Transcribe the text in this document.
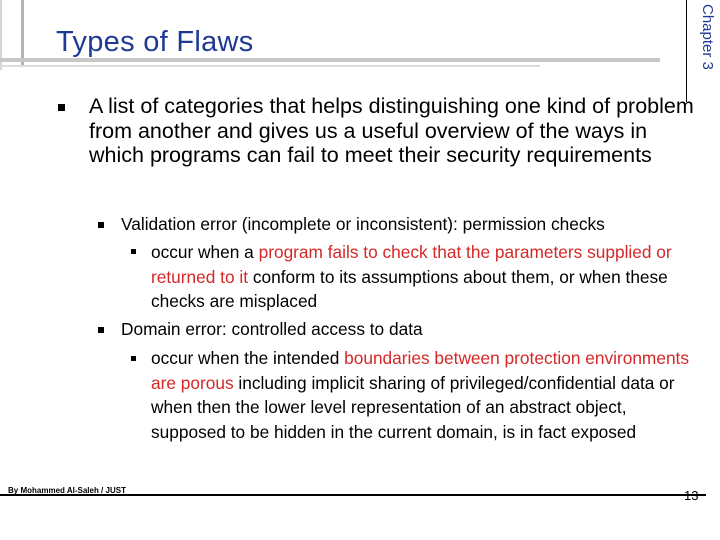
Types of Flaws	Chapter 3
A list of categories that helps distinguishing one kind of problem from another and gives us a useful overview of the ways in which programs can fail to meet their security requirements
Validation error (incomplete or inconsistent): permission checks
occur when a program fails to check that the parameters supplied or returned to it conform to its assumptions about them, or when these checks are misplaced
Domain error: controlled access to data
occur when the intended boundaries between protection environments are porous including implicit sharing of privileged/confidential data or when then the lower level representation of an abstract object, supposed to be hidden in the current domain, is in fact exposed
By Mohammed Al-Saleh / JUST	13
